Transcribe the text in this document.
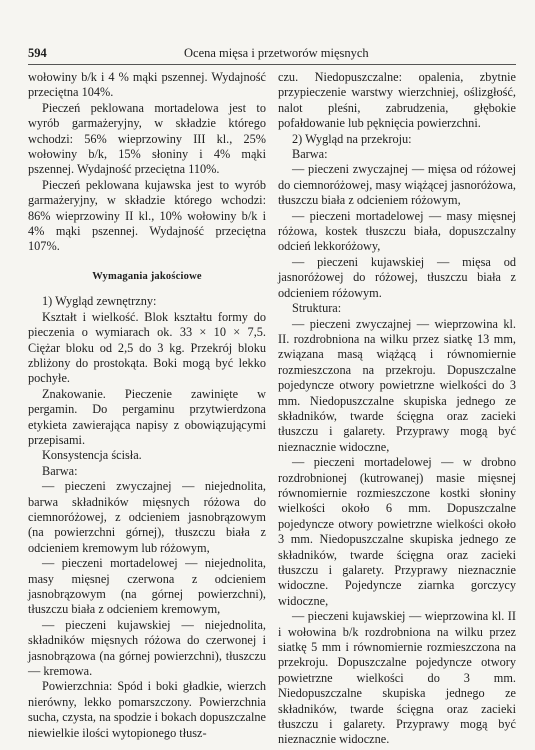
594	Ocena mięsa i przetworów mięsnych

wołowiny b/k i 4 % mąki pszennej. Wydajność przeciętna 104%.

Pieczeń peklowana mortadelowa jest to wyrób garmażeryjny, w składzie którego wchodzi: 56% wieprzowiny III kl., 25% wołowiny b/k, 15% słoniny i 4% mąki pszennej. Wydajność przeciętna 110%.

Pieczeń peklowana kujawska jest to wyrób garmażeryjny, w składzie którego wchodzi: 86% wieprzowiny II kl., 10% wołowiny b/k i 4% mąki pszennej. Wydajność przeciętna 107%.

Wymagania jakościowe

1) Wygląd zewnętrzny:

Kształt i wielkość. Blok kształtu formy do pieczenia o wymiarach ok. 33 × 10 × 7,5. Ciężar bloku od 2,5 do 3 kg. Przekrój bloku zbliżony do prostokąta. Boki mogą być lekko pochyłe.

Znakowanie. Pieczenie zawinięte w pergamin. Do pergaminu przytwierdzona etykieta zawierająca napisy z obowiązującymi przepisami.

Konsystencja ścisła.

Barwa:

— pieczeni zwyczajnej — niejednolita, barwa składników mięsnych różowa do ciemnoróżowej, z odcieniem jasnobrązowym (na powierzchni górnej), tłuszczu biała z odcieniem kremowym lub różowym,

— pieczeni mortadelowej — niejednolita, masy mięsnej czerwona z odcieniem jasnobrązowym (na górnej powierzchni), tłuszczu biała z odcieniem kremowym,

— pieczeni kujawskiej — niejednolita, składników mięsnych różowa do czerwonej i jasnobrązowa (na górnej powierzchni), tłuszczu — kremowa.

Powierzchnia: Spód i boki gładkie, wierzch nierówny, lekko pomarszczony. Powierzchnia sucha, czysta, na spodzie i bokach dopuszczalne niewielkie ilości wytopionego tłusz-

czu. Niedopuszczalne: opalenia, zbytnie przypieczenie warstwy wierzchniej, oślizgłość, nalot pleśni, zabrudzenia, głębokie pofałdowanie lub pęknięcia powierzchni.

2) Wygląd na przekroju:

Barwa:

— pieczeni zwyczajnej — mięsa od różowej do ciemnoróżowej, masy wiążącej jasnoróżowa, tłuszczu biała z odcieniem różowym,

— pieczeni mortadelowej — masy mięsnej różowa, kostek tłuszczu biała, dopuszczalny odcień lekkoróżowy,

— pieczeni kujawskiej — mięsa od jasnoróżowej do różowej, tłuszczu biała z odcieniem różowym.

Struktura:

— pieczeni zwyczajnej — wieprzowina kl. II. rozdrobniona na wilku przez siatkę 13 mm, związana masą wiążącą i równomiernie rozmieszczona na przekroju. Dopuszczalne pojedyncze otwory powietrzne wielkości do 3 mm. Niedopuszczalne skupiska jednego ze składników, twarde ścięgna oraz zacieki tłuszczu i galarety. Przyprawy mogą być nieznacznie widoczne,

— pieczeni mortadelowej — w drobno rozdrobnionej (kutrowanej) masie mięsnej równomiernie rozmieszczone kostki słoniny wielkości około 6 mm. Dopuszczalne pojedyncze otwory powietrzne wielkości około 3 mm. Niedopuszczalne skupiska jednego ze składników, twarde ścięgna oraz zacieki tłuszczu i galarety. Przyprawy nieznacznie widoczne. Pojedyncze ziarnka gorczycy widoczne,

— pieczeni kujawskiej — wieprzowina kl. II i wołowina b/k rozdrobniona na wilku przez siatkę 5 mm i równomiernie rozmieszczona na przekroju. Dopuszczalne pojedyncze otwory powietrzne wielkości do 3 mm. Niedopuszczalne skupiska jednego ze składników, twarde ścięgna oraz zacieki tłuszczu i galarety. Przyprawy mogą być nieznacznie widoczne.
